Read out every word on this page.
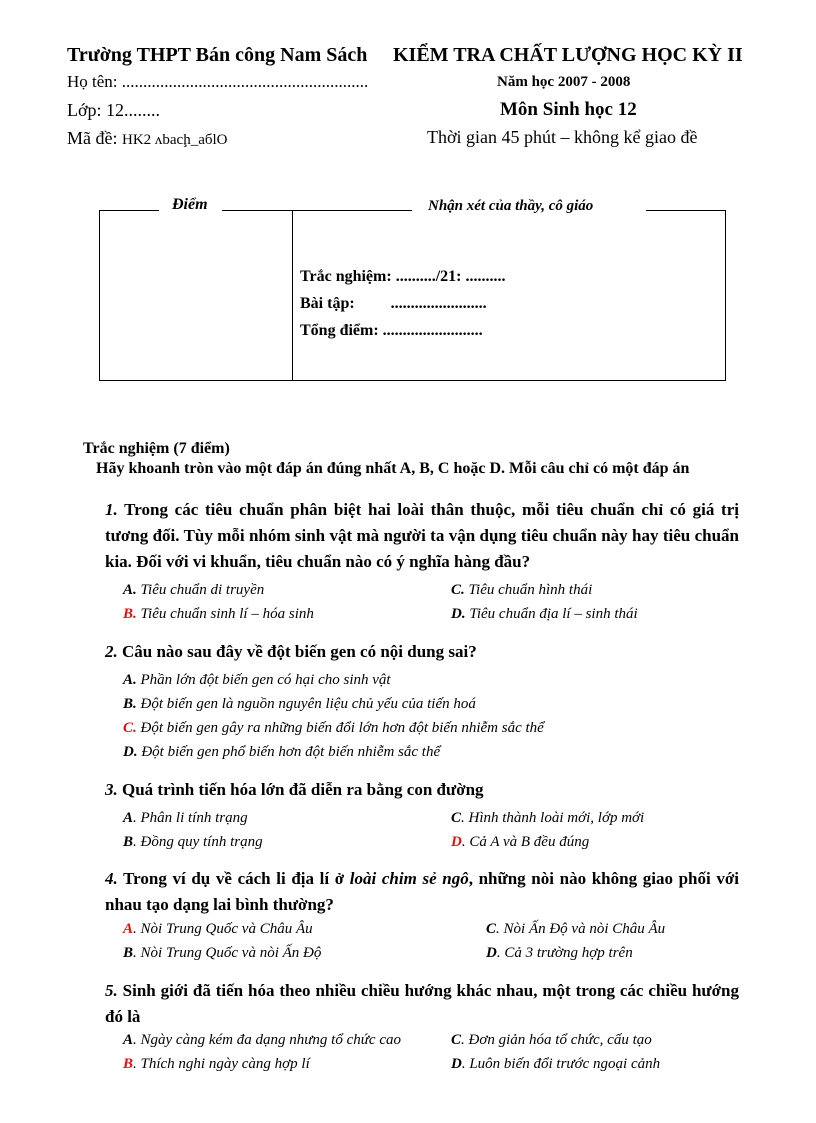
Trường THPT Bán công Nam Sách KIỂM TRA CHẤT LƯỢNG HỌC KỲ II
Họ tên: ..........................................................	Năm học 2007 - 2008
Lớp: 12........	Môn Sinh học 12
Mã đề: HK2 ʌbacḩ_aбlO	Thời gian 45 phút – không kể giao đề
Điểm	Nhận xét của thầy, cô giáo
Trắc nghiệm: ........../21: ..........
Bài tập:         ........................
Tổng điểm: .........................
Trắc nghiệm (7 điểm)
Hãy khoanh tròn vào một đáp án đúng nhất A, B, C hoặc D. Mỗi câu chỉ có một đáp án
1. Trong các tiêu chuẩn phân biệt hai loài thân thuộc, mỗi tiêu chuẩn chỉ có giá trị tương đối. Tùy mỗi nhóm sinh vật mà người ta vận dụng tiêu chuẩn này hay tiêu chuẩn kia. Đối với vi khuẩn, tiêu chuẩn nào có ý nghĩa hàng đầu?
A. Tiêu chuẩn di truyền	C. Tiêu chuẩn hình thái
B. Tiêu chuẩn sinh lí – hóa sinh	D. Tiêu chuẩn địa lí – sinh thái
2. Câu nào sau đây về đột biến gen có nội dung sai?
A. Phần lớn đột biến gen có hại cho sinh vật
B. Đột biến gen là nguồn nguyên liệu chủ yếu của tiến hoá
C. Đột biến gen gây ra những biến đổi lớn hơn đột biến nhiễm sắc thể
D. Đột biến gen phổ biến hơn đột biến nhiễm sắc thể
3. Quá trình tiến hóa lớn đã diễn ra bằng con đường
A. Phân li tính trạng	C. Hình thành loài mới, lớp mới
B. Đồng quy tính trạng	D. Cả A và B đều đúng
4. Trong ví dụ về cách li địa lí ở loài chim sẻ ngô, những nòi nào không giao phối với nhau tạo dạng lai bình thường?
A. Nòi Trung Quốc và Châu Âu	C. Nòi Ấn Độ và nòi Châu Âu
B. Nòi Trung Quốc và nòi Ấn Độ	D. Cả 3 trường hợp trên
5. Sinh giới đã tiến hóa theo nhiều chiều hướng khác nhau, một trong các chiều hướng đó là
A. Ngày càng kém đa dạng nhưng tổ chức cao	C. Đơn giản hóa tổ chức, cấu tạo
B. Thích nghi ngày càng hợp lí	D. Luôn biến đổi trước ngoại cảnh
